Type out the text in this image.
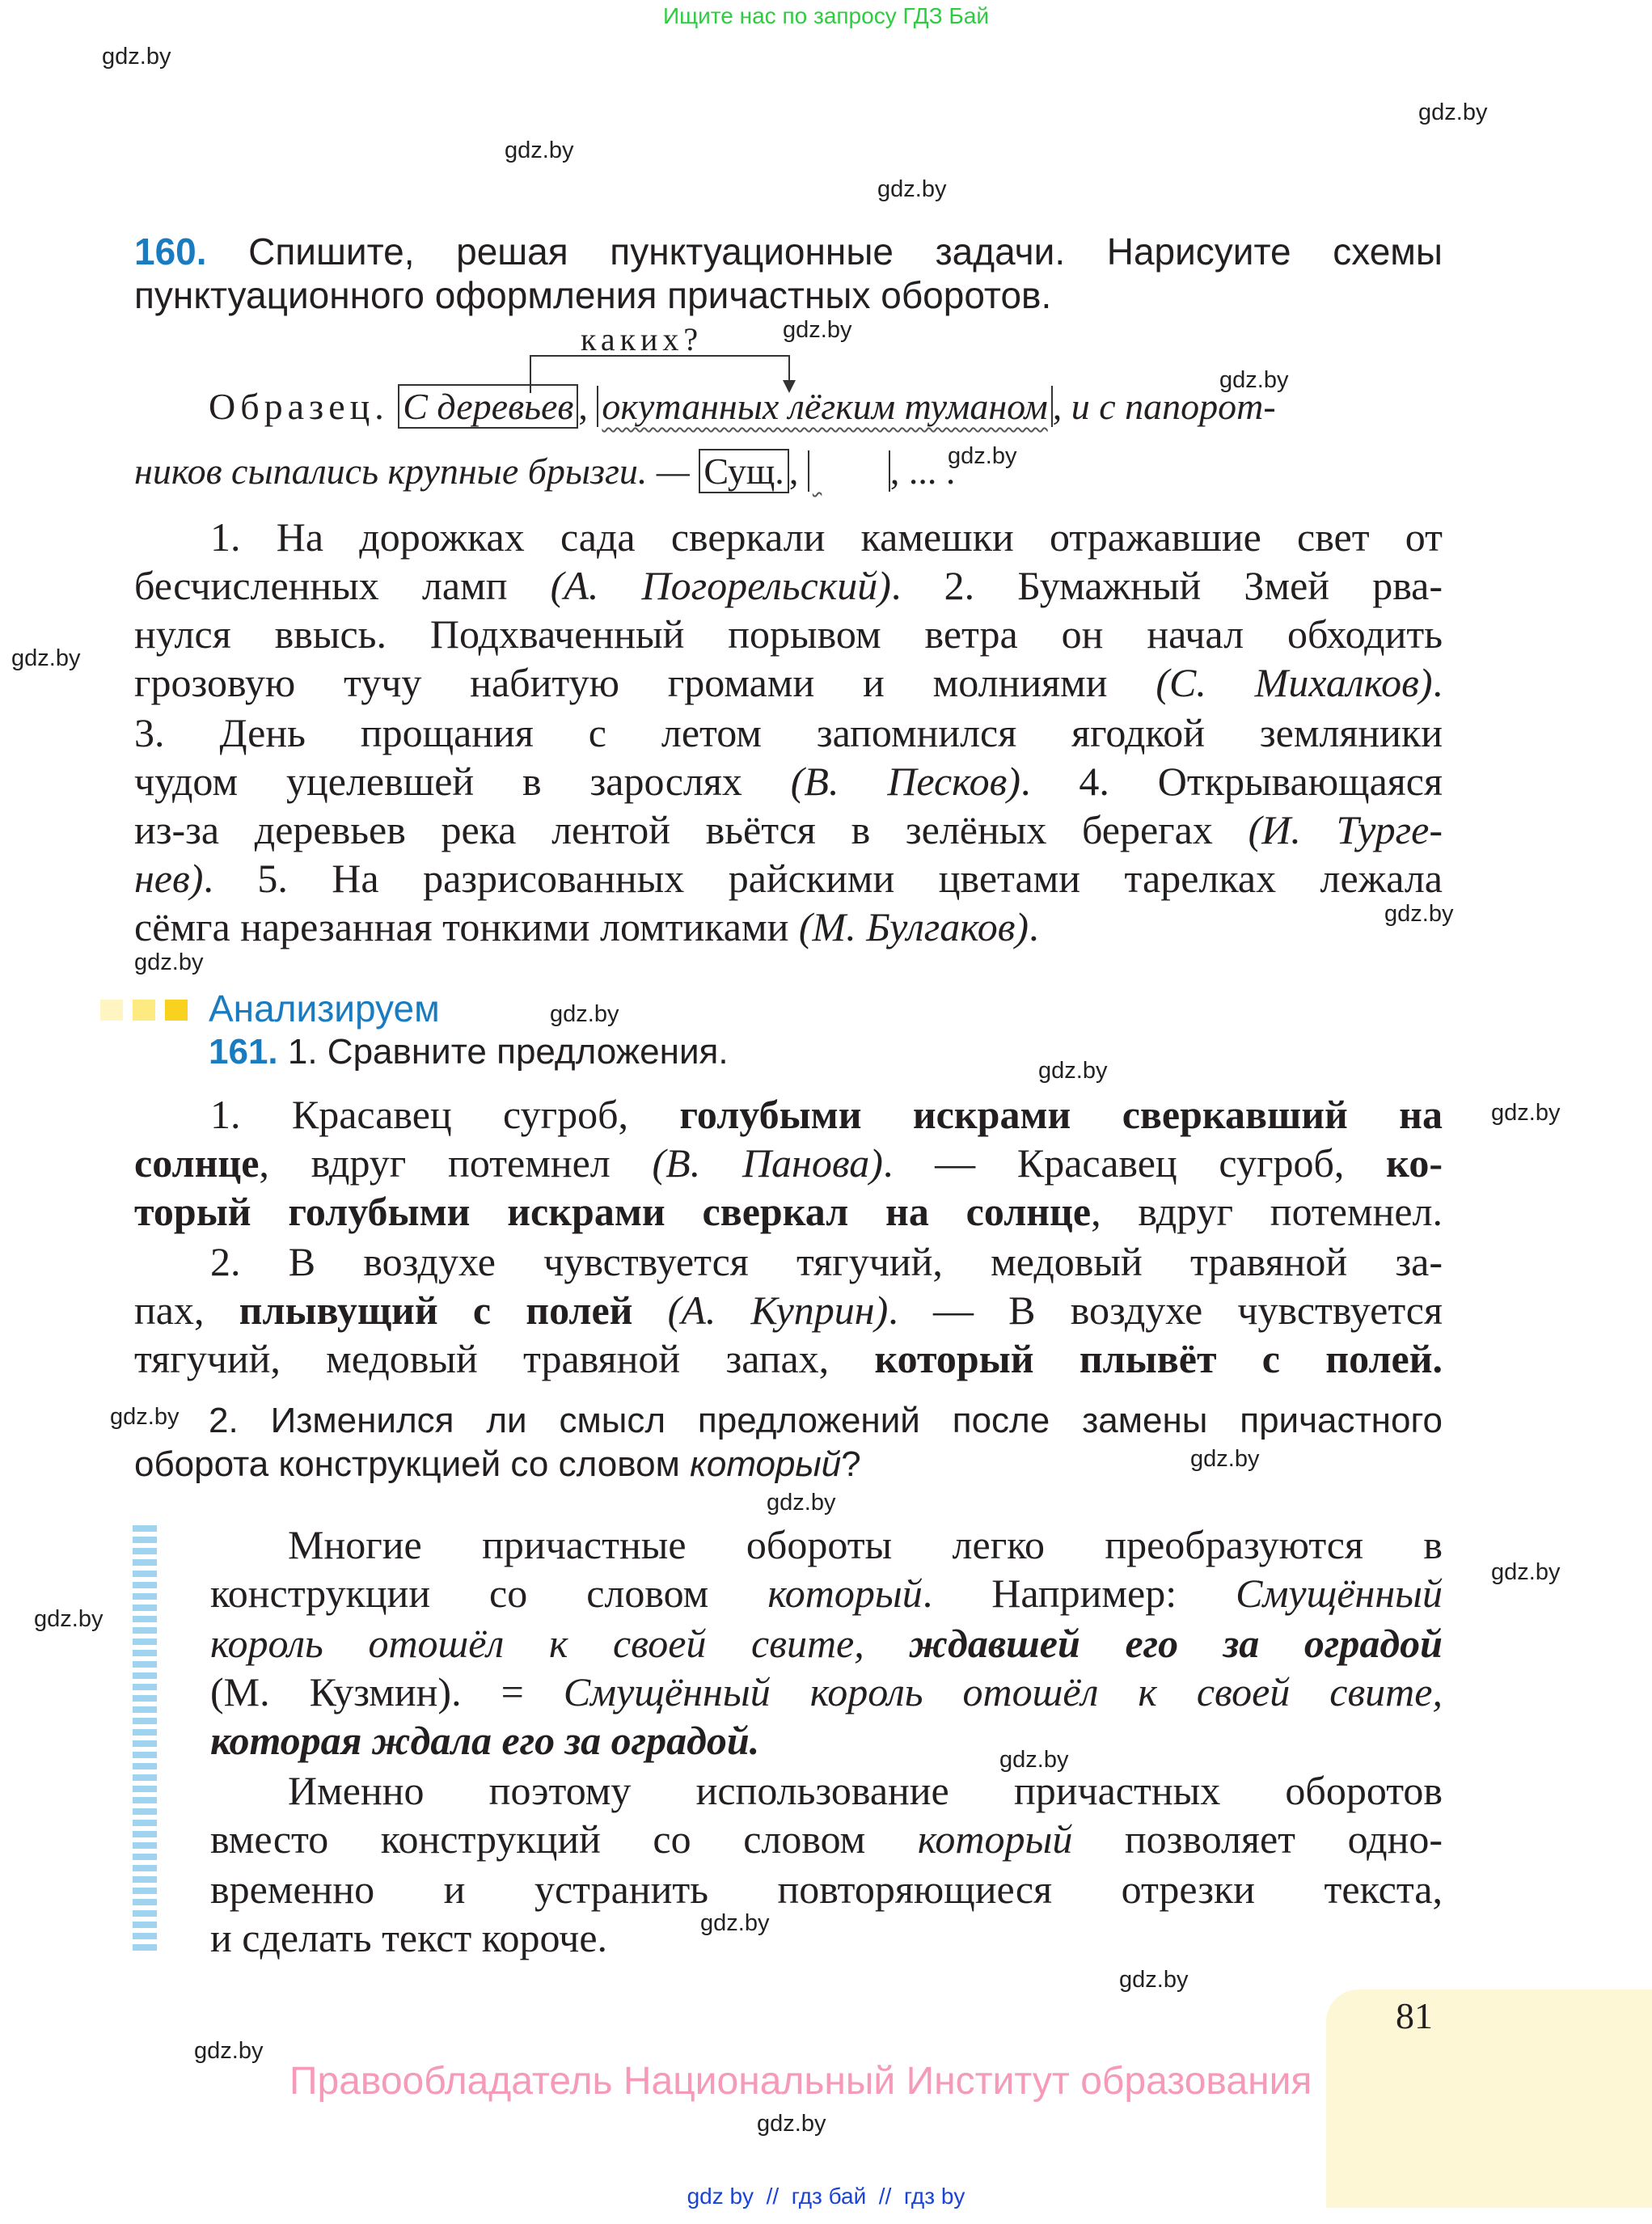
Ищите нас по запросу ГДЗ Бай
gdz.by
gdz.by
gdz.by
gdz.by
gdz.by
gdz.by
gdz.by
gdz.by
gdz.by
gdz.by
gdz.by
gdz.by
gdz.by
gdz.by
gdz.by
gdz.by
gdz.by
gdz.by
gdz.by
gdz.by
gdz.by
gdz.by
gdz.by
160. Спишите, решая пунктуационные задачи. Нарисуите схемы
пунктуационного оформления причастных оборотов.
каких?
Образец. С деревьев , окутанных лёгким туманом , и с папорот-
ников сыпались крупные брызги. — Сущ. , , ... .
1. На дорожках сада сверкали камешки отражавшие свет от
бесчисленных ламп (А. Погорельский). 2. Бумажный Змей рва-
нулся ввысь. Подхваченный порывом ветра он начал обходить
грозовую тучу набитую громами и молниями (С. Михалков).
3. День прощания с летом запомнился ягодкой земляники
чудом уцелевшей в зарослях (В. Песков). 4. Открывающаяся
из-за деревьев река лентой вьётся в зелёных берегах (И. Турге-
нев). 5. На разрисованных райскими цветами тарелках лежала
сёмга нарезанная тонкими ломтиками (М. Булгаков).
Анализируем
161. 1. Сравните предложения.
1. Красавец сугроб, голубыми искрами сверкавший на
солнце, вдруг потемнел (В. Панова). — Красавец сугроб, ко-
торый голубыми искрами сверкал на солнце, вдруг потемнел.
2. В воздухе чувствуется тягучий, медовый травяной за-
пах, плывущий с полей (А. Куприн). — В воздухе чувствуется
тягучий, медовый травяной запах, который плывёт с полей.
2. Изменился ли смысл предложений после замены причастного
оборота конструкцией со словом который?
Многие причастные обороты легко преобразуются в
конструкции со словом который. Например: Смущённый
король отошёл к своей свите, ждавшей его за оградой
(М. Кузмин). = Смущённый король отошёл к своей свите,
которая ждала его за оградой.
Именно поэтому использование причастных оборотов
вместо конструкций со словом который позволяет одно-
временно и устранить повторяющиеся отрезки текста,
и сделать текст короче.
81
Правообладатель Национальный Институт образования
gdz by  //  гдз бай  //  гдз by
